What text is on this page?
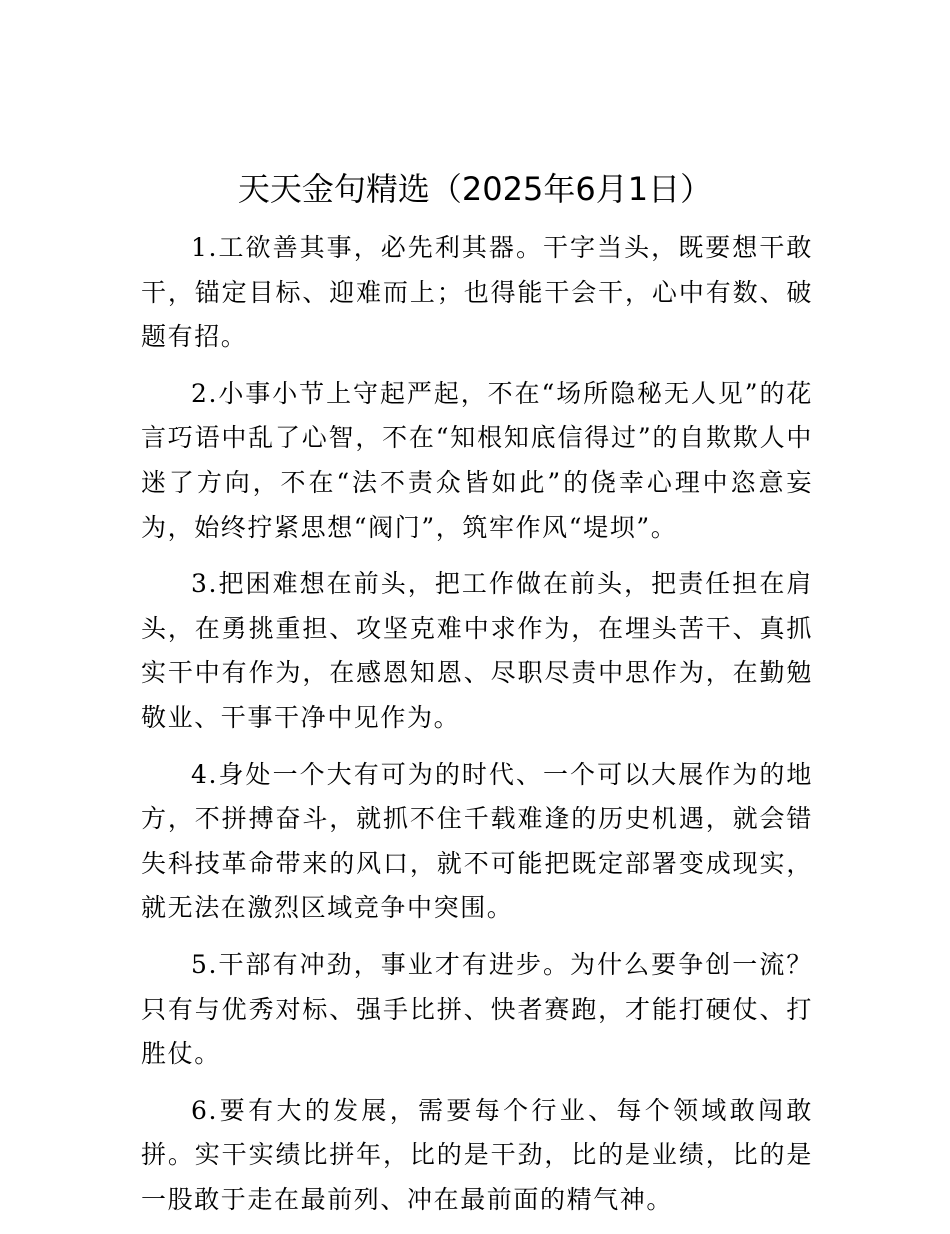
天天金句精选（2025年6月1日）

1.工欲善其事，必先利其器。干字当头，既要想干敢干，锚定目标、迎难而上；也得能干会干，心中有数、破题有招。

2.小事小节上守起严起，不在“场所隐秘无人见”的花言巧语中乱了心智，不在“知根知底信得过”的自欺欺人中迷了方向，不在“法不责众皆如此”的侥幸心理中恣意妄为，始终拧紧思想“阀门”，筑牢作风“堤坝”。

3.把困难想在前头，把工作做在前头，把责任担在肩头，在勇挑重担、攻坚克难中求作为，在埋头苦干、真抓实干中有作为，在感恩知恩、尽职尽责中思作为，在勤勉敬业、干事干净中见作为。

4.身处一个大有可为的时代、一个可以大展作为的地方，不拼搏奋斗，就抓不住千载难逢的历史机遇，就会错失科技革命带来的风口，就不可能把既定部署变成现实，就无法在激烈区域竞争中突围。

5.干部有冲劲，事业才有进步。为什么要争创一流？只有与优秀对标、强手比拼、快者赛跑，才能打硬仗、打胜仗。

6.要有大的发展，需要每个行业、每个领域敢闯敢拼。实干实绩比拼年，比的是干劲，比的是业绩，比的是一股敢于走在最前列、冲在最前面的精气神。
